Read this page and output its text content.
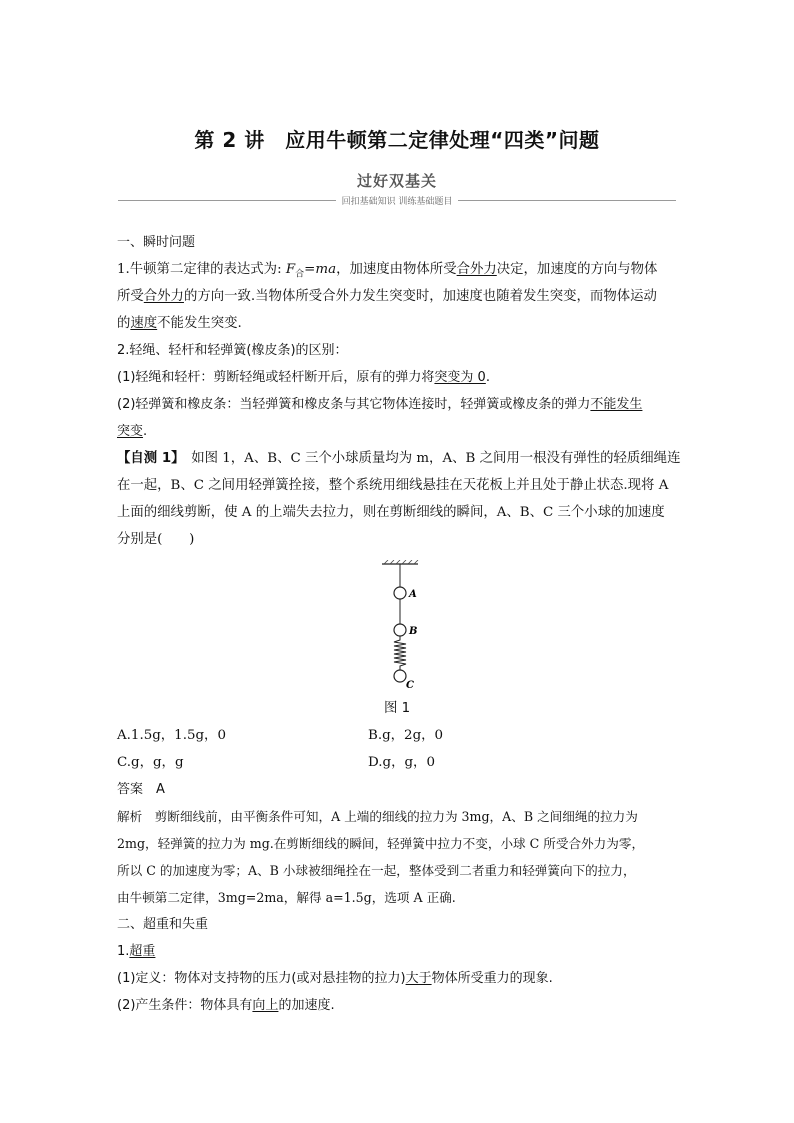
第 2 讲　应用牛顿第二定律处理“四类”问题
过好双基关
回扣基础知识 训练基础题目
一、瞬时问题
1.牛顿第二定律的表达式为: $F_合=ma$，加速度由物体所受合外力决定，加速度的方向与物体
所受合外力的方向一致.当物体所受合外力发生突变时，加速度也随着发生突变，而物体运动
的速度不能发生突变.
2.轻绳、轻杆和轻弹簧(橡皮条)的区别：
(1)轻绳和轻杆：剪断轻绳或轻杆断开后，原有的弹力将突变为 0.
(2)轻弹簧和橡皮条：当轻弹簧和橡皮条与其它物体连接时，轻弹簧或橡皮条的弹力不能发生
突变.
【自测 1】　如图 1，A、B、C 三个小球质量均为 m，A、B 之间用一根没有弹性的轻质细绳连
在一起，B、C 之间用轻弹簧拴接，整个系统用细线悬挂在天花板上并且处于静止状态.现将 A
上面的细线剪断，使 A 的上端失去拉力，则在剪断细线的瞬间，A、B、C 三个小球的加速度
分别是(　　)
A
B
C
图 1
A.1.5g，1.5g，0	B.g，2g，0
C.g，g，g	D.g，g，0
答案　A
解析　剪断细线前，由平衡条件可知，A 上端的细线的拉力为 3mg，A、B 之间细绳的拉力为
2mg，轻弹簧的拉力为 mg.在剪断细线的瞬间，轻弹簧中拉力不变，小球 C 所受合外力为零，
所以 C 的加速度为零；A、B 小球被细绳拴在一起，整体受到二者重力和轻弹簧向下的拉力，
由牛顿第二定律，3mg=2ma，解得 a=1.5g，选项 A 正确.
二、超重和失重
1.超重
(1)定义：物体对支持物的压力(或对悬挂物的拉力)大于物体所受重力的现象.
(2)产生条件：物体具有向上的加速度.
